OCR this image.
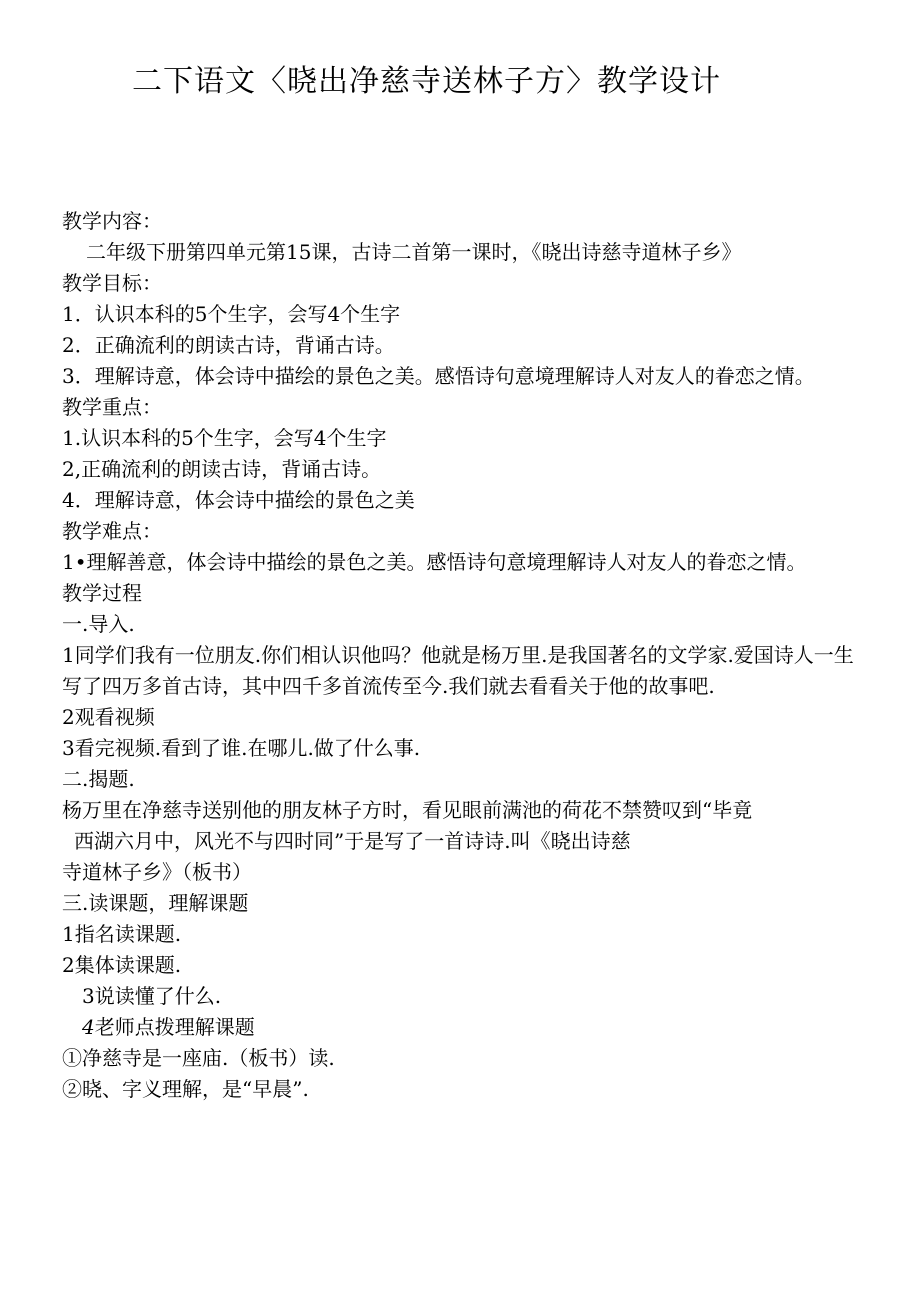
二下语文〈晓出净慈寺送林子方〉教学设计
教学内容：
二年级下册第四单元第15课，古诗二首第一课时，《晓出诗慈寺道林子乡》
教学目标：
1．认识本科的5个生字，会写4个生字
2．正确流利的朗读古诗，背诵古诗。
3．理解诗意，体会诗中描绘的景色之美。感悟诗句意境理解诗人对友人的眷恋之情。
教学重点：
1.认识本科的5个生字，会写4个生字
2,正确流利的朗读古诗，背诵古诗。
4．理解诗意，体会诗中描绘的景色之美
教学难点：
1•理解善意，体会诗中描绘的景色之美。感悟诗句意境理解诗人对友人的眷恋之情。
教学过程
一.导入.
1同学们我有一位朋友.你们相认识他吗？他就是杨万里.是我国著名的文学家.爱国诗人一生写了四万多首古诗，其中四千多首流传至今.我们就去看看关于他的故事吧.
2观看视频
3看完视频.看到了谁.在哪儿.做了什么事.
二.揭题.
杨万里在净慈寺送别他的朋友林子方时，看见眼前满池的荷花不禁赞叹到“毕竟
西湖六月中，风光不与四时同”于是写了一首诗诗.叫《晓出诗慈
寺道林子乡》（板书）
三.读课题，理解课题
1指名读课题.
2集体读课题.
3说读懂了什么.
4老师点拨理解课题
①净慈寺是一座庙.（板书）读.
②晓、字义理解，是“早晨”.
